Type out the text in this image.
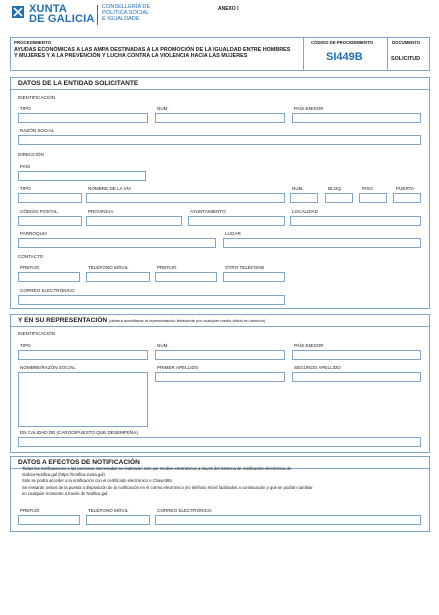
XUNTA
DE GALICIA
CONSELLERÍA DE
POLÍTICA SOCIAL
E IGUALDADE
ANEXO I
PROCEDIMIENTO
AYUDAS ECONÓMICAS A LAS AMPA DESTINADAS A LA PROMOCIÓN DE LA IGUALDAD ENTRE HOMBRES Y MUJERES Y A LA PREVENCIÓN Y LUCHA CONTRA LA VIOLENCIA HACIA LAS MUJERES
CÓDIGO DE PROCEDIMIENTO
SI449B
DOCUMENTO
SOLICITUD
DATOS DE LA ENTIDAD SOLICITANTE
IDENTIFICACIÓN
TIPO	NÚM.	PAÍS EMISOR
RAZÓN SOCIAL
DIRECCIÓN
PAÍS
TIPO	NOMBRE DE LA VÍA	NÚM.	BLOQ.	PISO	PUERTA
CÓDIGO POSTAL	PROVINCIA	AYUNTAMIENTO	LOCALIDAD
PARROQUIA	LUGAR
CONTACTO
PREFIJO	TELÉFONO MÓVIL	PREFIJO	OTRO TELÉFONO
CORREO ELECTRÓNICO
Y EN SU REPRESENTACIÓN (deberá acreditarse la representación fehaciente por cualquier medio válido en derecho)
IDENTIFICACIÓN
TIPO	NÚM.	PAÍS EMISOR
NOMBRE/RAZÓN SOCIAL	PRIMER APELLIDO	SEGUNDO APELLIDO
EN CALIDAD DE (CARGO/PUESTO QUE DESEMPEÑA)
DATOS A EFECTOS DE NOTIFICACIÓN
Todas las notificaciones a las personas interesadas se realizarán solo por medios electrónicos a través del Sistema de notificación electrónica de
Galicia-Notifica.gal (https://notifica.xunta.gal)
Solo se podrá acceder a la notificación con el certificado electrónico o Chave365.
Se enviarán avisos de la puesta a disposición de la notificación en el correo electrónico y/o teléfono móvil facilitados a continuación y que se podrán cambiar
en cualquier momento a través de Notifica.gal:
PREFIJO	TELÉFONO MÓVIL	CORREO ELECTRÓNICO
